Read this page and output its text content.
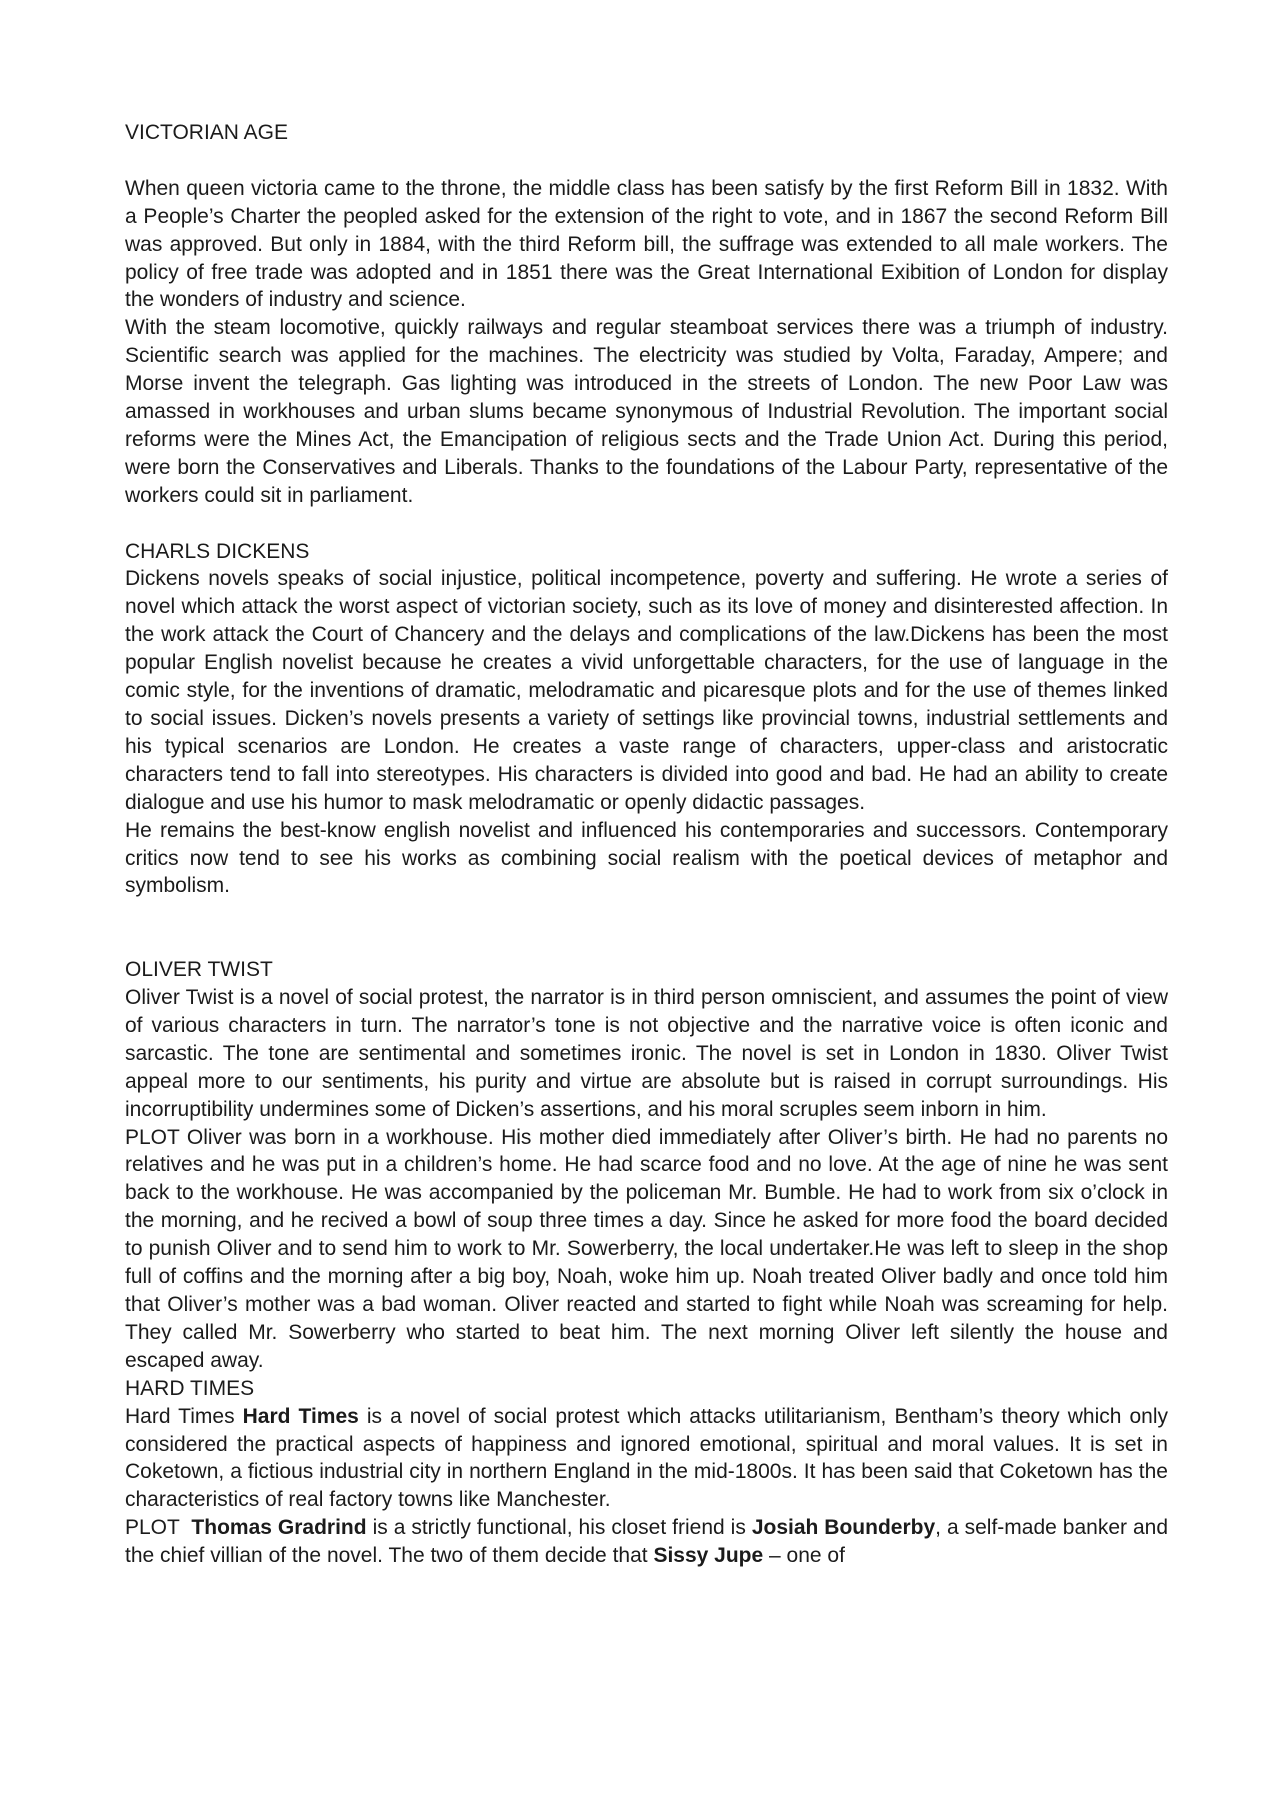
VICTORIAN AGE

When queen victoria came to the throne, the middle class has been satisfy by the first Reform Bill in 1832. With a People’s Charter the peopled asked for the extension of the right to vote, and in 1867 the second Reform Bill was approved. But only in 1884, with the third Reform bill, the suffrage was extended to all male workers. The policy of free trade was adopted and in 1851 there was the Great International Exibition of London for display the wonders of industry and science.

With the steam locomotive, quickly railways and regular steamboat services there was a triumph of industry. Scientific search was applied for the machines. The electricity was studied by Volta, Faraday, Ampere; and Morse invent the telegraph. Gas lighting was introduced in the streets of London. The new Poor Law was amassed in workhouses and urban slums became synonymous of Industrial Revolution. The important social reforms were the Mines Act, the Emancipation of religious sects and the Trade Union Act. During this period, were born the Conservatives and Liberals. Thanks to the foundations of the Labour Party, representative of the workers could sit in parliament.

CHARLS DICKENS

Dickens novels speaks of social injustice, political incompetence, poverty and suffering. He wrote a series of novel which attack the worst aspect of victorian society, such as its love of money and disinterested affection. In the work attack the Court of Chancery and the delays and complications of the law.Dickens has been the most popular English novelist because he creates a vivid unforgettable characters, for the use of language in the comic style, for the inventions of dramatic, melodramatic and picaresque plots and for the use of themes linked to social issues. Dicken’s novels presents a variety of settings like provincial towns, industrial settlements and his typical scenarios are London. He creates a vaste range of characters, upper-class and aristocratic characters tend to fall into stereotypes. His characters is divided into good and bad. He had an ability to create dialogue and use his humor to mask melodramatic or openly didactic passages.

He remains the best-know english novelist and influenced his contemporaries and successors. Contemporary critics now tend to see his works as combining social realism with the poetical devices of metaphor and symbolism.

OLIVER TWIST

Oliver Twist is a novel of social protest, the narrator is in third person omniscient, and assumes the point of view of various characters in turn. The narrator’s tone is not objective and the narrative voice is often iconic and sarcastic. The tone are sentimental and sometimes ironic. The novel is set in London in 1830. Oliver Twist appeal more to our sentiments, his purity and virtue are absolute but is raised in corrupt surroundings. His incorruptibility undermines some of Dicken’s assertions, and his moral scruples seem inborn in him.

PLOT Oliver was born in a workhouse. His mother died immediately after Oliver’s birth. He had no parents no relatives and he was put in a children’s home. He had scarce food and no love. At the age of nine he was sent back to the workhouse. He was accompanied by the policeman Mr. Bumble. He had to work from six o’clock in the morning, and he recived a bowl of soup three times a day. Since he asked for more food the board decided to punish Oliver and to send him to work to Mr. Sowerberry, the local undertaker.He was left to sleep in the shop full of coffins and the morning after a big boy, Noah, woke him up. Noah treated Oliver badly and once told him that Oliver’s mother was a bad woman. Oliver reacted and started to fight while Noah was screaming for help. They called Mr. Sowerberry who started to beat him. The next morning Oliver left silently the house and escaped away.

HARD TIMES

Hard Times Hard Times is a novel of social protest which attacks utilitarianism, Bentham’s theory which only considered the practical aspects of happiness and ignored emotional, spiritual and moral values. It is set in Coketown, a fictious industrial city in northern England in the mid-1800s. It has been said that Coketown has the characteristics of real factory towns like Manchester.

PLOT  Thomas Gradrind is a strictly functional, his closet friend is Josiah Bounderby, a self-made banker and the chief villian of the novel. The two of them decide that Sissy Jupe – one of
